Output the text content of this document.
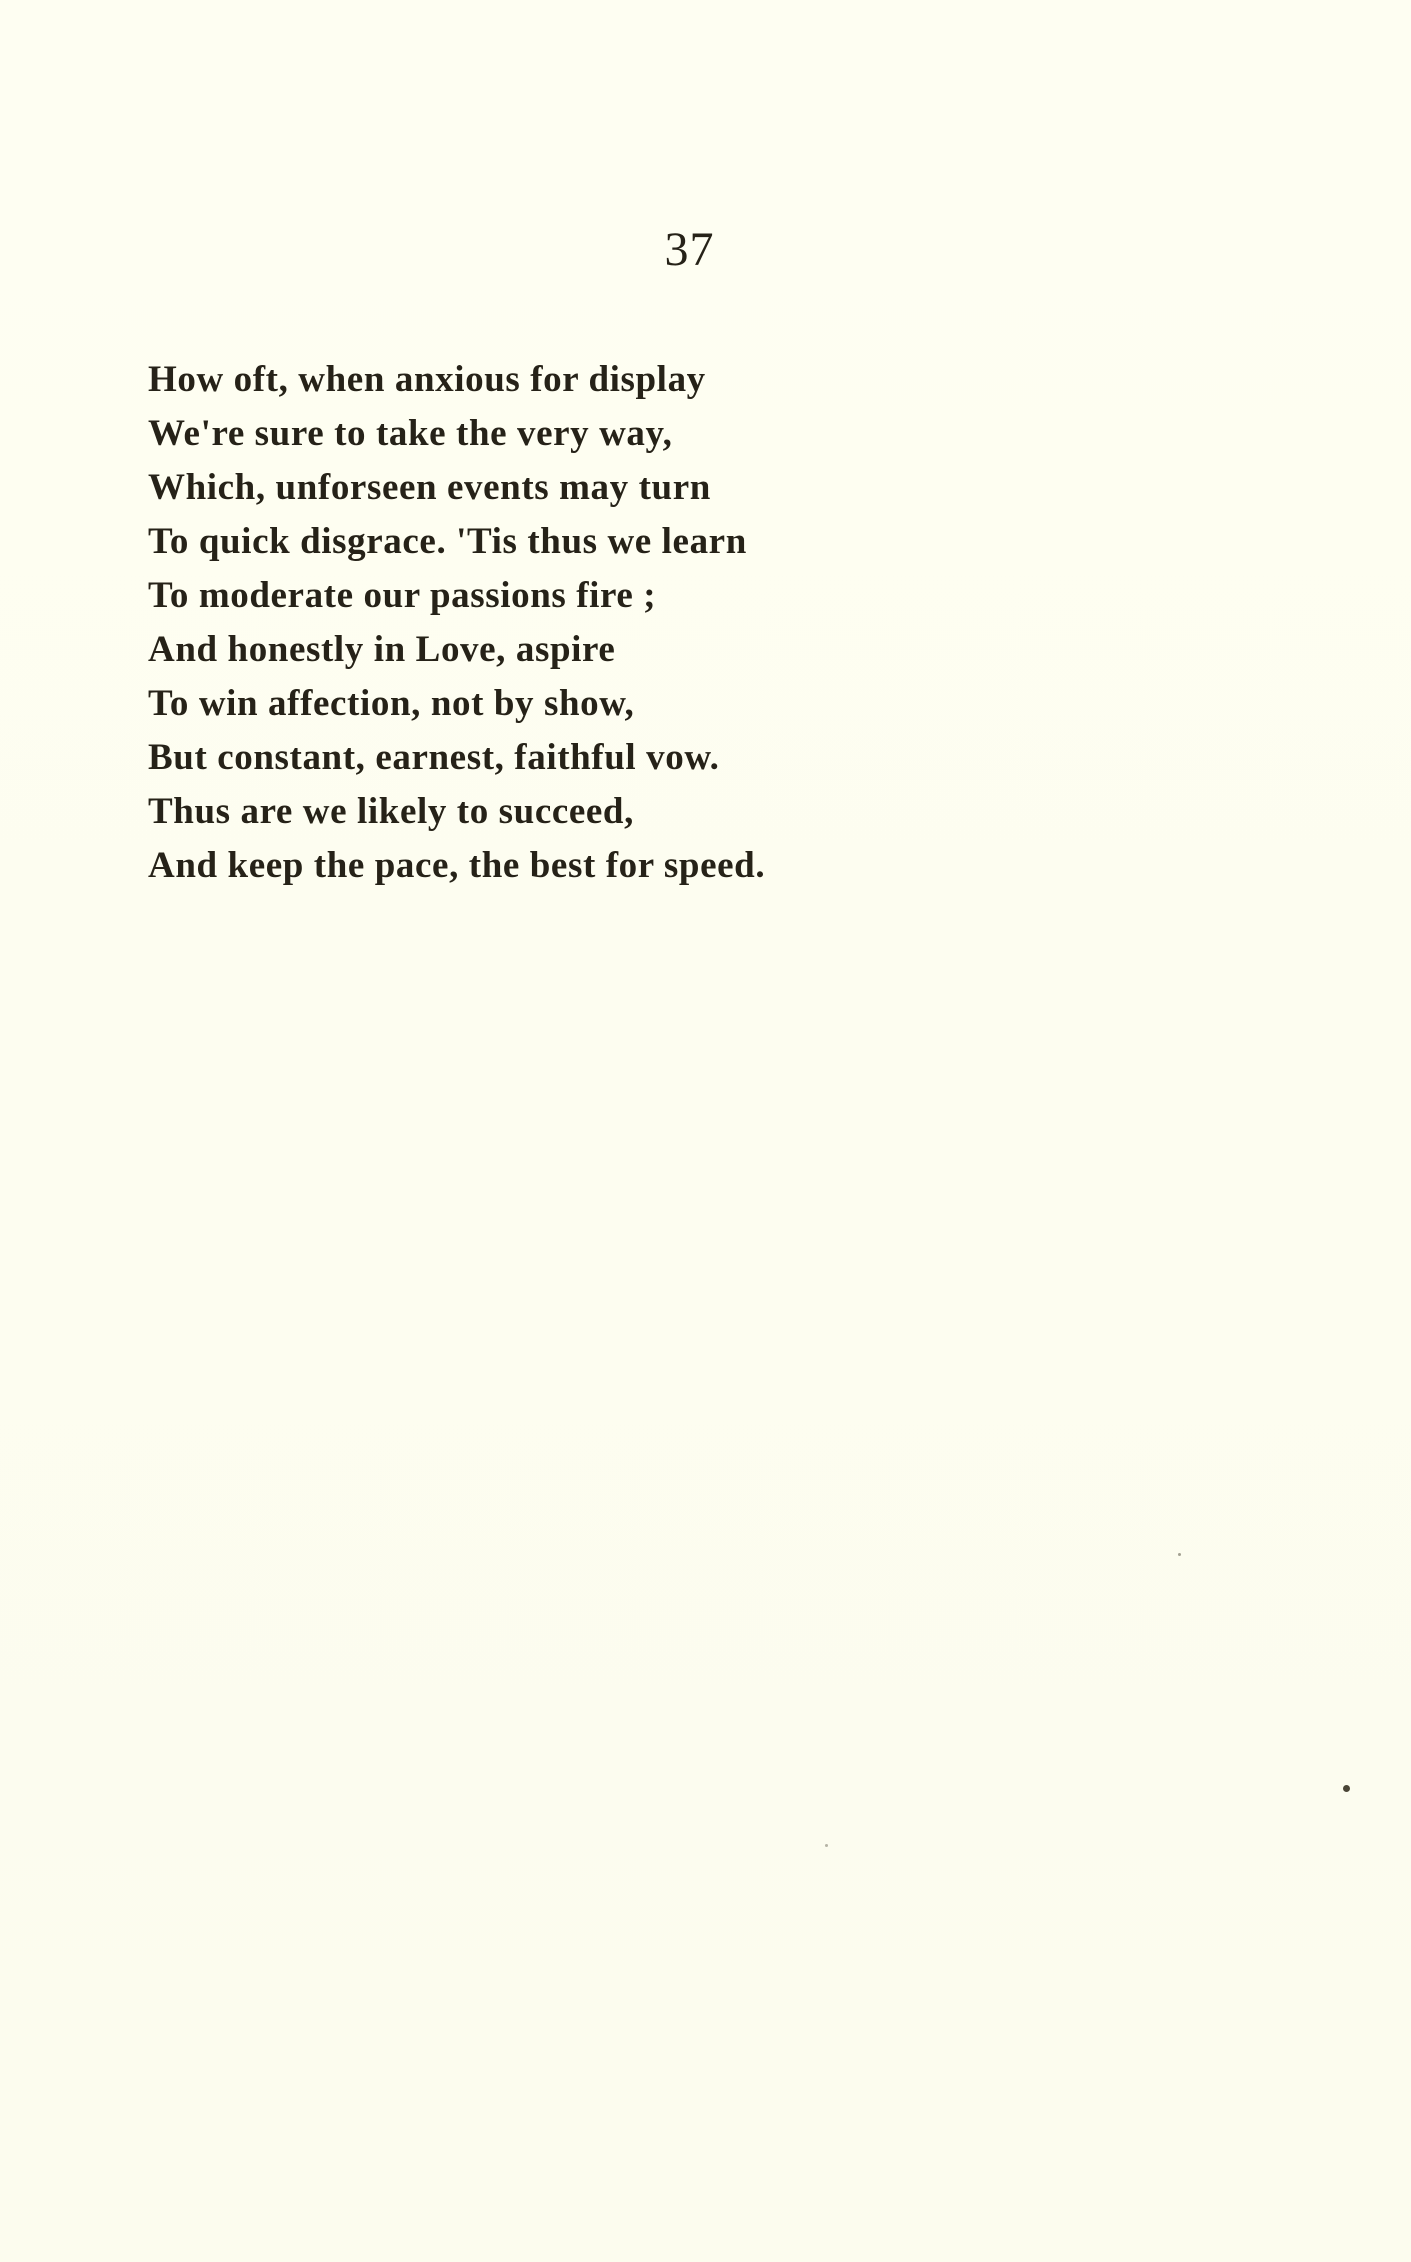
37
How oft, when anxious for display
We're sure to take the very way,
Which, unforseen events may turn
To quick disgrace. 'Tis thus we learn
To moderate our passions fire ;
And honestly in Love, aspire
To win affection, not by show,
But constant, earnest, faithful vow.
Thus are we likely to succeed,
And keep the pace, the best for speed.
